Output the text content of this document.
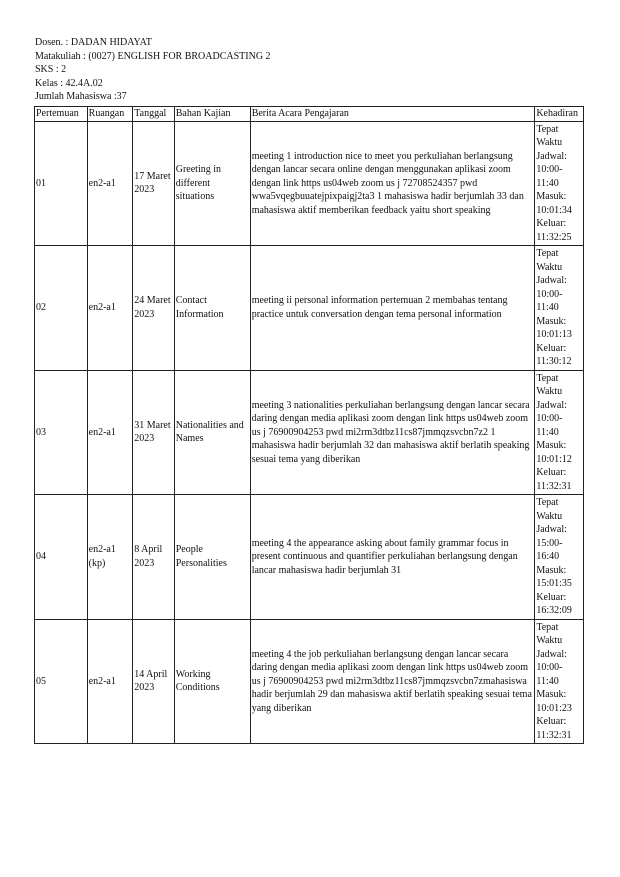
Dosen. : DADAN HIDAYAT
Matakuliah : (0027) ENGLISH FOR BROADCASTING 2
SKS : 2
Kelas : 42.4A.02
Jumlah Mahasiswa :37
Pertemuan	Ruangan	Tanggal	Bahan Kajian	Berita Acara Pengajaran	Kehadiran
01	en2-a1	17 Maret 2023	Greeting in different situations	meeting 1 introduction nice to meet you perkuliahan berlangsung dengan lancar secara online dengan menggunakan aplikasi zoom dengan link https us04web zoom us j 72708524357 pwd wwa5vqegbuuatejpixpaigj2ta3 1 mahasiswa hadir berjumlah 33 dan mahasiswa aktif memberikan feedback yaitu short speaking	Tepat Waktu Jadwal: 10:00-11:40 Masuk: 10:01:34 Keluar: 11:32:25
02	en2-a1	24 Maret 2023	Contact Information	meeting ii personal information pertemuan 2 membahas tentang practice untuk conversation dengan tema personal information	Tepat Waktu Jadwal: 10:00-11:40 Masuk: 10:01:13 Keluar: 11:30:12
03	en2-a1	31 Maret 2023	Nationalities and Names	meeting 3 nationalities perkuliahan berlangsung dengan lancar secara daring dengan media aplikasi zoom dengan link https us04web zoom us j 76900904253 pwd mi2rm3dtbz11cs87jmmqzsvcbn7z2 1 mahasiswa hadir berjumlah 32 dan mahasiswa aktif berlatih speaking sesuai tema yang diberikan	Tepat Waktu Jadwal: 10:00-11:40 Masuk: 10:01:12 Keluar: 11:32:31
04	en2-a1 (kp)	8 April 2023	People Personalities	meeting 4 the appearance asking about family grammar focus in present continuous and quantifier perkuliahan berlangsung dengan lancar mahasiswa hadir berjumlah 31	Tepat Waktu Jadwal: 15:00-16:40 Masuk: 15:01:35 Keluar: 16:32:09
05	en2-a1	14 April 2023	Working Conditions	meeting 4 the job perkuliahan berlangsung dengan lancar secara daring dengan media aplikasi zoom dengan link https us04web zoom us j 76900904253 pwd mi2rm3dtbz11cs87jmmqzsvcbn7zmahasiswa hadir berjumlah 29 dan mahasiswa aktif berlatih speaking sesuai tema yang diberikan	Tepat Waktu Jadwal: 10:00-11:40 Masuk: 10:01:23 Keluar: 11:32:31
